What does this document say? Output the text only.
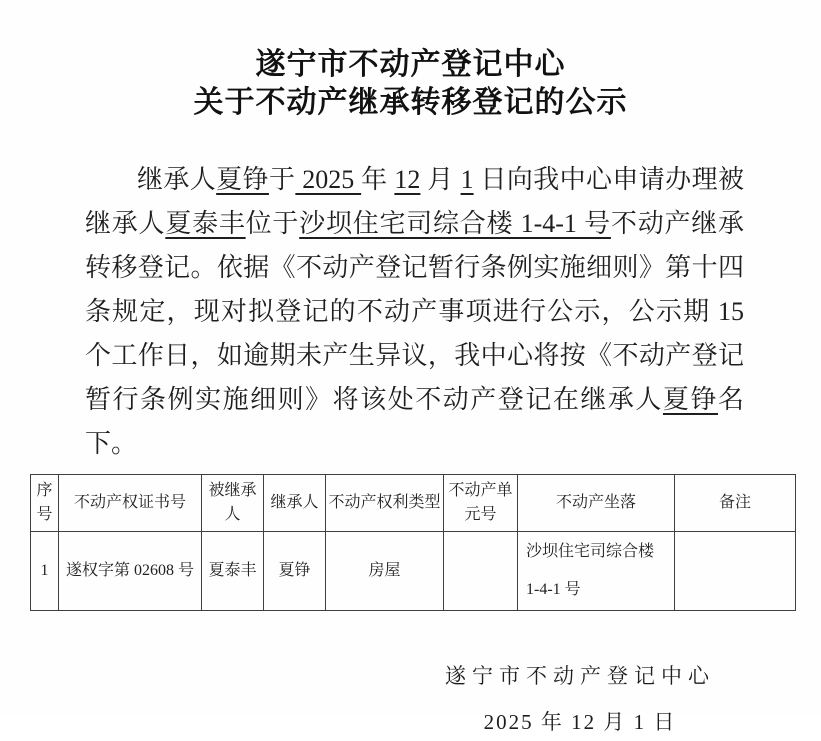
遂宁市不动产登记中心
关于不动产继承转移登记的公示

继承人夏铮于 2025 年 12 月 1 日向我中心申请办理被继承人夏泰丰位于沙坝住宅司综合楼 1-4-1 号不动产继承转移登记。依据《不动产登记暂行条例实施细则》第十四条规定，现对拟登记的不动产事项进行公示，公示期 15 个工作日，如逾期未产生异议，我中心将按《不动产登记暂行条例实施细则》将该处不动产登记在继承人夏铮名下。

序号	不动产权证书号	被继承人	继承人	不动产权利类型	不动产单元号	不动产坐落	备注
1	遂权字第 02608 号	夏泰丰	夏铮	房屋		沙坝住宅司综合楼
1-4-1 号	

遂宁市不动产登记中心
2025 年 12 月 1 日
